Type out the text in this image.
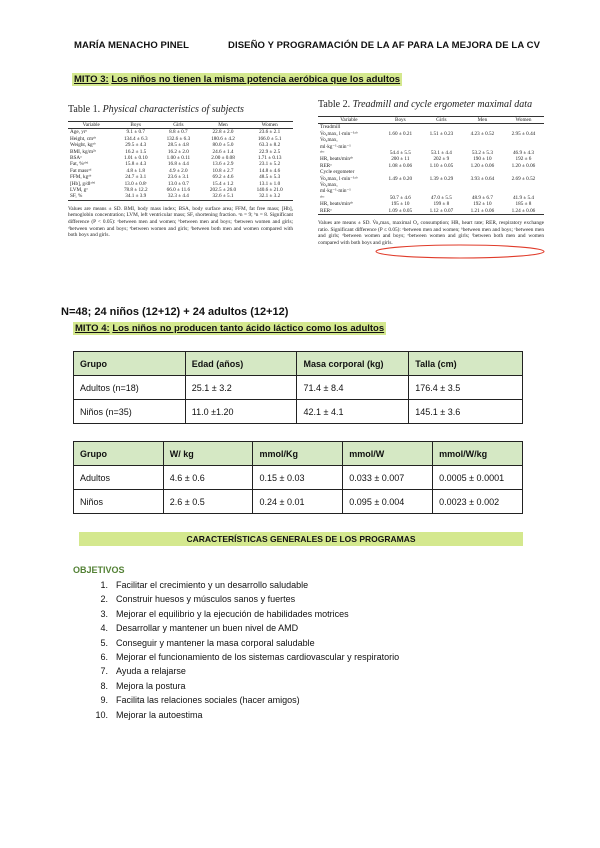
MARÍA MENACHO PINEL	DISEÑO Y PROGRAMACIÓN DE LA AF PARA LA MEJORA DE LA CV
MITO 3: Los niños no tienen la misma potencia aeróbica que los adultos
Table 1. Physical characteristics of subjects
Variable	Boys	Girls	Men	Women
Age, yrᵃ	9.1 ± 0.7	8.8 ± 0.7	22.8 ± 2.0	23.6 ± 2.1
Height, cmᵃᵇ	134.4 ± 6.3	132.6 ± 6.3	180.6 ± 4.2	166.0 ± 5.1
Weight, kgᵃᵇ	29.5 ± 4.3	28.5 ± 4.8	80.0 ± 5.0	63.3 ± 8.2
BMI, kg/m²ᵃ	16.2 ± 1.5	16.2 ± 2.0	24.6 ± 1.4	22.9 ± 2.5
BSAᵃ	1.01 ± 0.10	1.00 ± 0.11	2.00 ± 0.08	1.71 ± 0.13
Fat, %ᵃᵇᵈ	15.8 ± 4.3	16.8 ± 4.4	13.6 ± 2.9	23.1 ± 5.2
Fat massᵃᵈ	4.8 ± 1.8	4.9 ± 2.0	10.8 ± 2.7	14.8 ± 4.6
FFM, kgᵃᵇ	24.7 ± 3.1	23.6 ± 3.1	69.2 ± 4.6	48.5 ± 5.3
[Hb], g/dlᵃᵇᵈ	13.0 ± 0.8ᶜ	13.0 ± 0.7	15.4 ± 1.2	13.1 ± 1.0
LVM, gᵃ	78.8 ± 12.2	66.0 ± 11.6	202.5 ± 26.0	140.6 ± 21.0
SF, %	34.1 ± 3.9	32.3 ± 4.4	32.6 ± 5.1	32.1 ± 3.2
Values are means ± SD. BMI, body mass index; BSA, body surface area; FFM, fat free mass; [Hb], hemoglobin concentration; LVM, left ventricular mass; SF, shortening fraction. ᵃn = 9; ᵇn = 8. Significant difference (P < 0.05): ᵃbetween men and women; ᵇbetween men and boys; ᶜbetween women and girls; ᵈbetween women and boys; ᵉbetween women and girls; ᶠbetween both men and women compared with both boys and girls.
Table 2. Treadmill and cycle ergometer maximal data
Variable	Boys	Girls	Men	Women
Treadmill				
V̇o₂max, l·min⁻¹ᵃᵇ	1.60 ± 0.21	1.51 ± 0.23	4.23 ± 0.52	2.95 ± 0.44
V̇o₂max,				
ml·kg⁻¹·min⁻¹				
ᵃᵇᶜ	54.4 ± 5.5	53.1 ± 4.4	53.2 ± 5.3	46.9 ± 4.3
HR, beats/minᵃᵇ	200 ± 11	202 ± 9	190 ± 10	192 ± 6
RERᵃ	1.08 ± 0.06	1.10 ± 0.05	1.20 ± 0.06	1.20 ± 0.06
Cycle ergometer				
V̇o₂max, l·min⁻¹ᵃᵇ	1.49 ± 0.20	1.39 ± 0.29	3.93 ± 0.64	2.69 ± 0.52
V̇o₂max,				
ml·kg⁻¹·min⁻¹				
ᵃᵇᶜ	50.7 ± 4.6	47.0 ± 5.5	48.9 ± 6.7	41.9 ± 5.4
HR, beats/minᵃᵇ	195 ± 10	199 ± 8	192 ± 10	185 ± 8
RERᵃ	1.09 ± 0.05	1.12 ± 0.07	1.21 ± 0.06	1.24 ± 0.06
Values are means ± SD. V̇o₂max, maximal O₂ consumption; HR, heart rate; RER, respiratory exchange ratio. Significant difference (P ≤ 0.05): ᵃbetween men and women; ᵇbetween men and boys; ᶜbetween men and girls; ᵈbetween women and boys; ᵉbetween women and girls; ᶠbetween both men and women compared with both boys and girls.
N=48; 24 niños (12+12) + 24 adultos (12+12)
MITO 4: Los niños no producen tanto ácido láctico como los adultos
Grupo	Edad (años)	Masa corporal (kg)	Talla (cm)
Adultos (n=18)	25.1 ± 3.2	71.4 ± 8.4	176.4 ± 3.5
Niños (n=35)	11.0 ±1.20	42.1 ± 4.1	145.1 ± 3.6
Grupo	W/ kg	mmol/Kg	mmol/W	mmol/W/kg
Adultos	4.6 ± 0.6	0.15 ± 0.03	0.033 ± 0.007	0.0005 ± 0.0001
Niños	2.6 ± 0.5	0.24 ± 0.01	0.095 ± 0.004	0.0023 ± 0.002
CARACTERÍSTICAS GENERALES DE LOS PROGRAMAS
OBJETIVOS
1. Facilitar el crecimiento y un desarrollo saludable
2. Construir huesos y músculos sanos y fuertes
3. Mejorar el equilibrio y la ejecución de habilidades motrices
4. Desarrollar y mantener un buen nivel de AMD
5. Conseguir y mantener la masa corporal saludable
6. Mejorar el funcionamiento de los sistemas cardiovascular y respiratorio
7. Ayuda a relajarse
8. Mejora la postura
9. Facilita las relaciones sociales (hacer amigos)
10. Mejorar la autoestima
